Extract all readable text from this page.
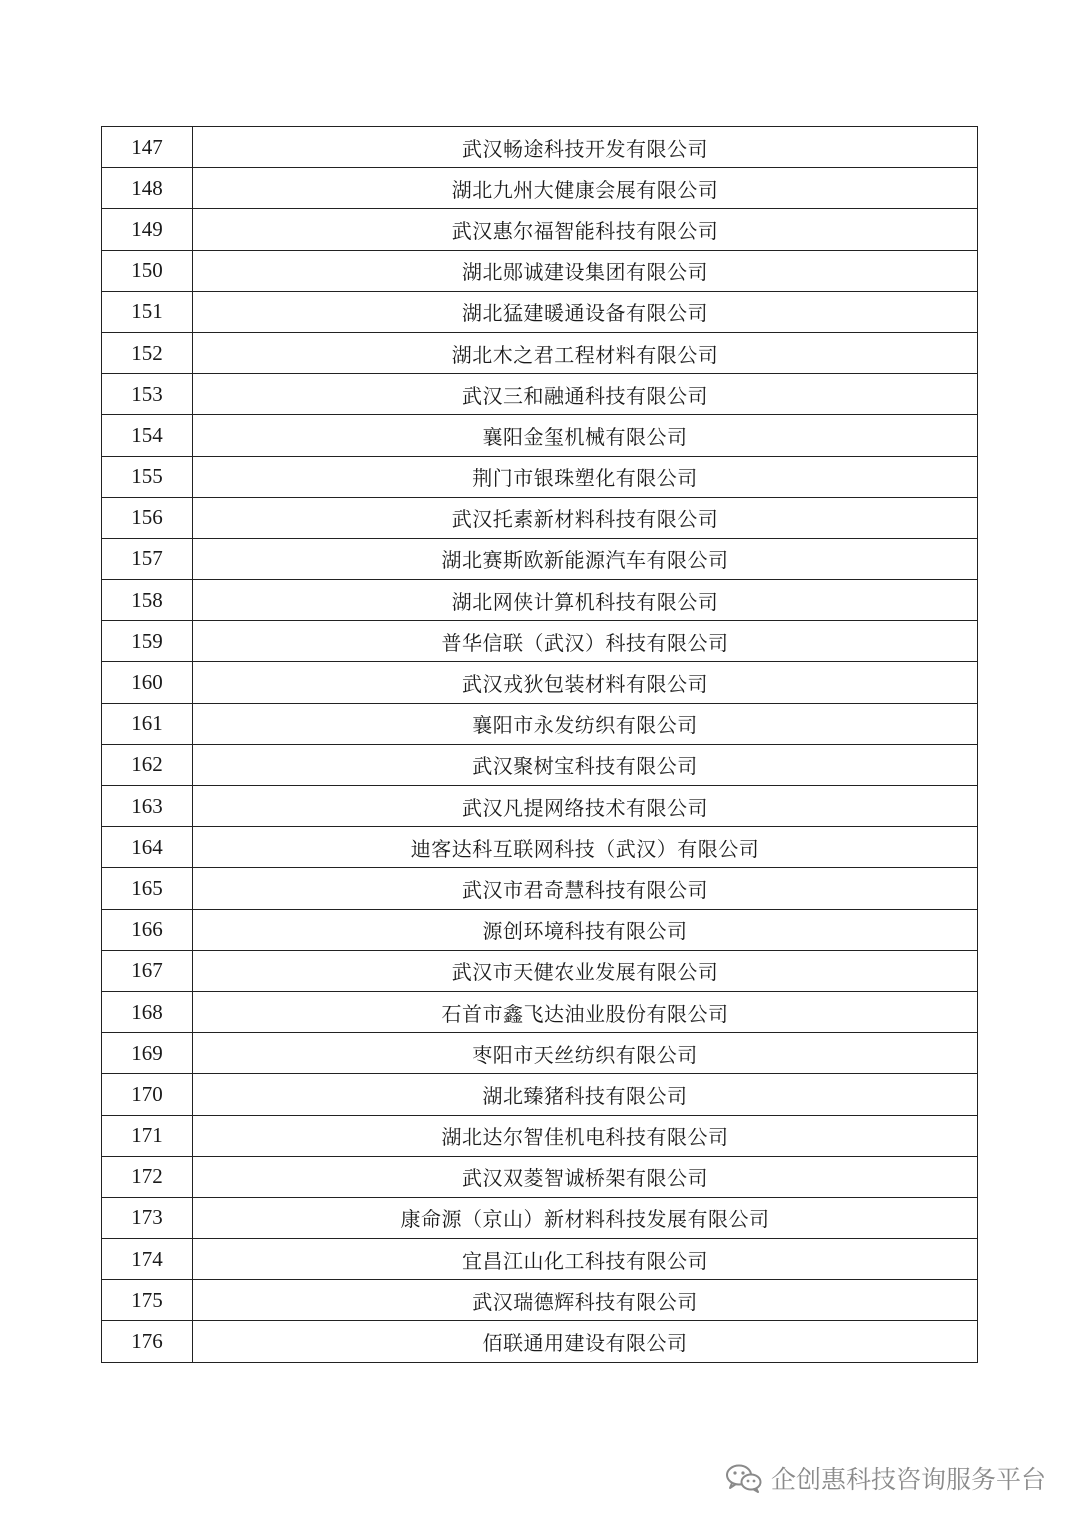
147	武汉畅途科技开发有限公司
148	湖北九州大健康会展有限公司
149	武汉惠尔福智能科技有限公司
150	湖北郧诚建设集团有限公司
151	湖北猛建暖通设备有限公司
152	湖北木之君工程材料有限公司
153	武汉三和融通科技有限公司
154	襄阳金玺机械有限公司
155	荆门市银珠塑化有限公司
156	武汉托素新材料科技有限公司
157	湖北赛斯欧新能源汽车有限公司
158	湖北网侠计算机科技有限公司
159	普华信联（武汉）科技有限公司
160	武汉戎狄包装材料有限公司
161	襄阳市永发纺织有限公司
162	武汉聚树宝科技有限公司
163	武汉凡提网络技术有限公司
164	迪客达科互联网科技（武汉）有限公司
165	武汉市君奇慧科技有限公司
166	源创环境科技有限公司
167	武汉市天健农业发展有限公司
168	石首市鑫飞达油业股份有限公司
169	枣阳市天丝纺织有限公司
170	湖北臻猪科技有限公司
171	湖北达尔智佳机电科技有限公司
172	武汉双菱智诚桥架有限公司
173	康命源（京山）新材料科技发展有限公司
174	宜昌江山化工科技有限公司
175	武汉瑞德辉科技有限公司
176	佰联通用建设有限公司
企创惠科技咨询服务平台
